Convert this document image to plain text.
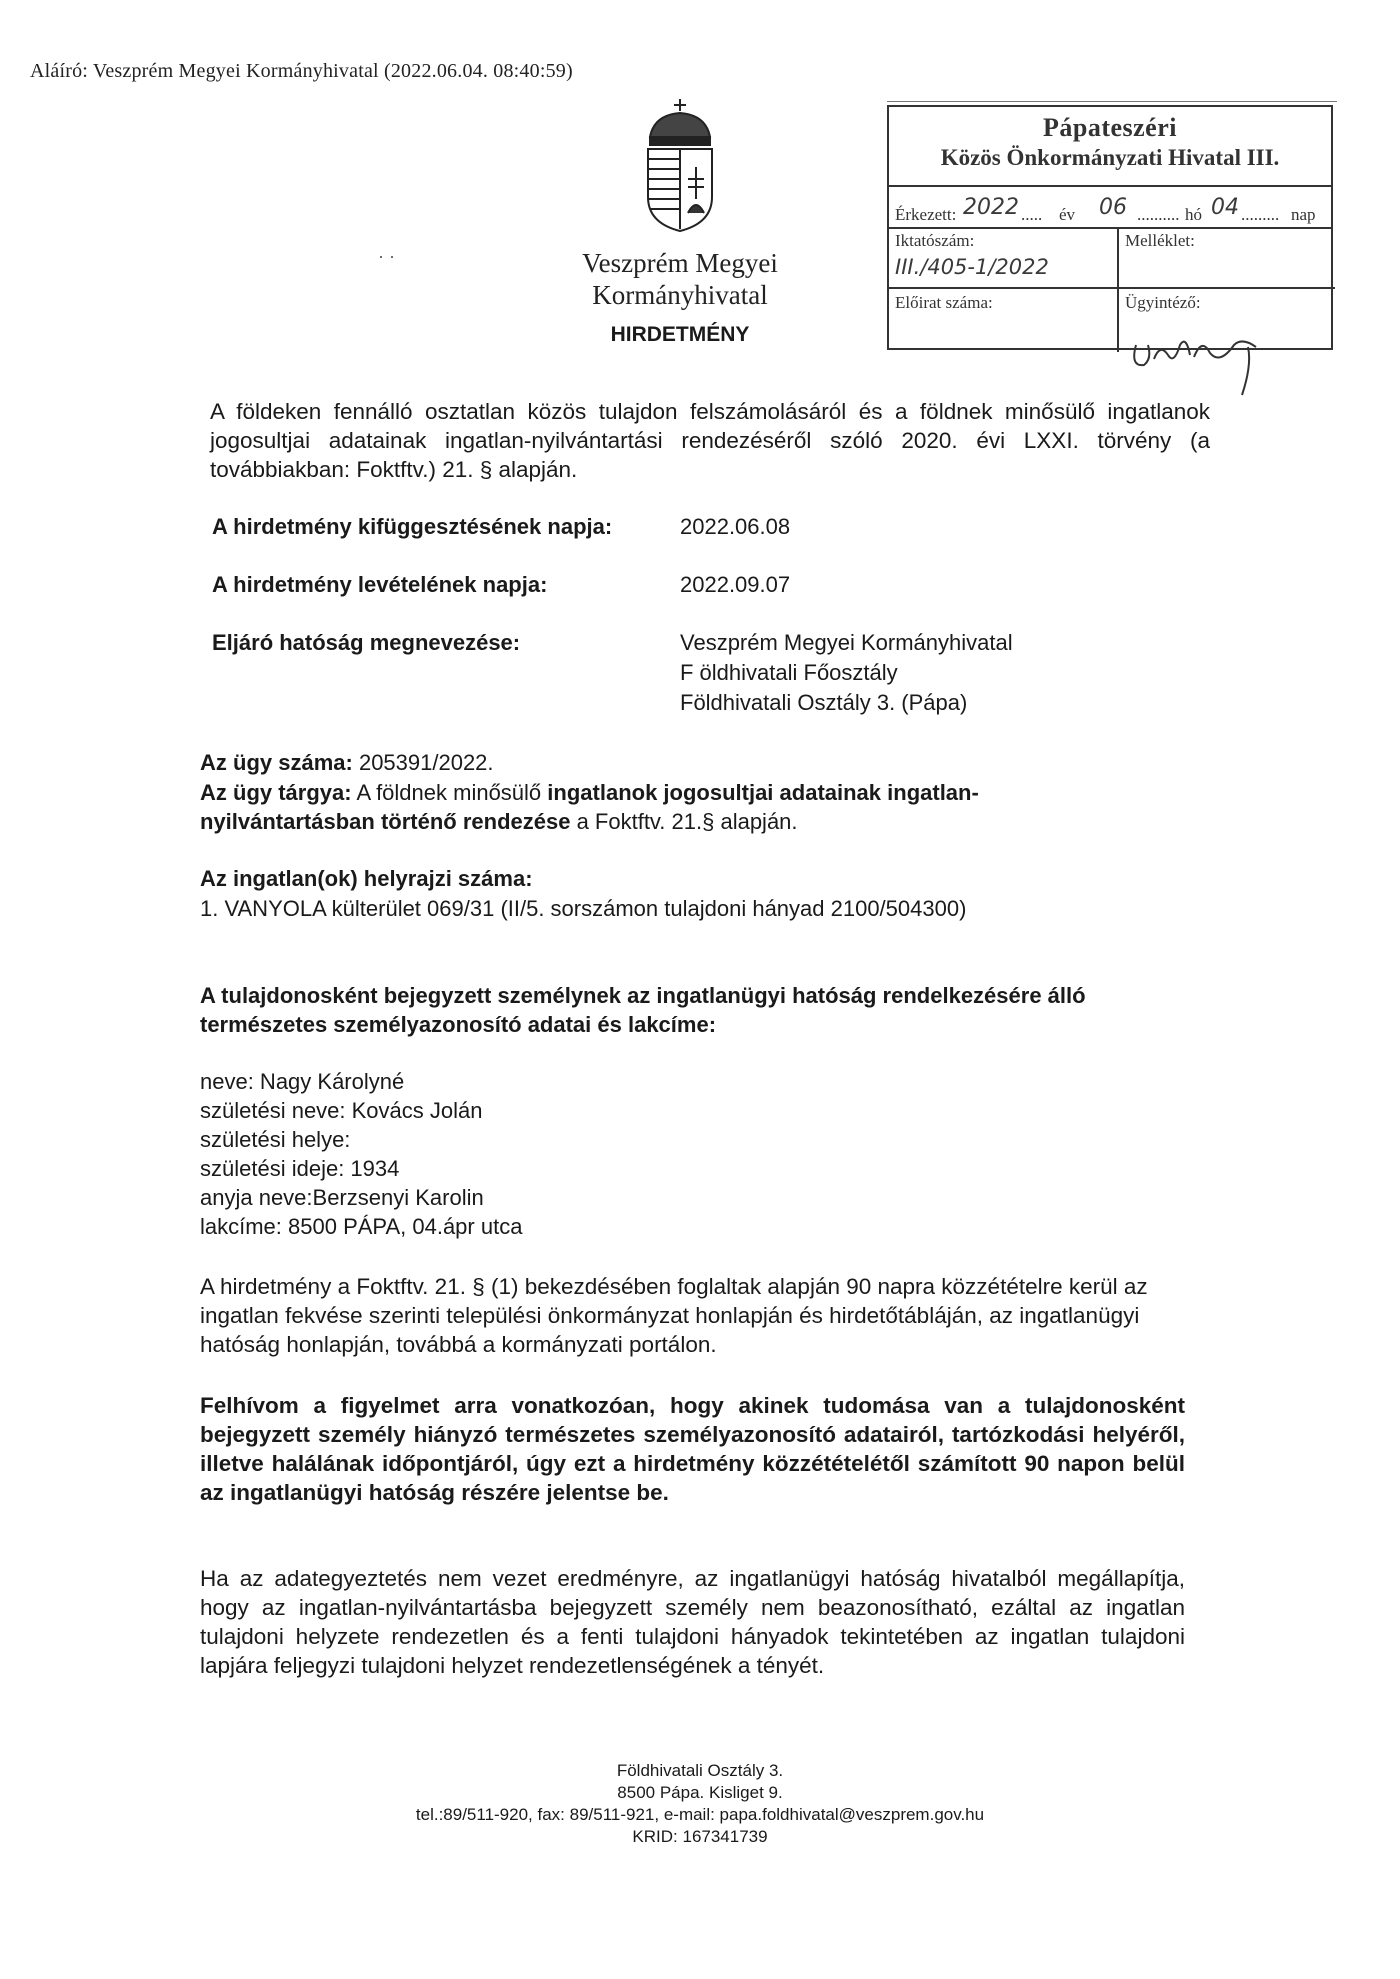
Aláíró: Veszprém Megyei Kormányhivatal (2022.06.04. 08:40:59)
· ·	Veszprém Megyei
Kormányhivatal
HIRDETMÉNY
Pápateszéri
Közös Önkormányzati Hivatal III.
Érkezett: 2022 ..... év 06 .......... hó 04 ......... nap
Iktatószám:
III./405-1/2022
Melléklet:
Előirat száma:	Ügyintéző:
A földeken fennálló osztatlan közös tulajdon felszámolásáról és a földnek minősülő ingatlanok jogosultjai adatainak ingatlan-nyilvántartási rendezéséről szóló 2020. évi LXXI. törvény (a továbbiakban: Foktftv.) 21. § alapján.
A hirdetmény kifüggesztésének napja:	2022.06.08
A hirdetmény levételének napja:	2022.09.07
Eljáró hatóság megnevezése:	Veszprém Megyei Kormányhivatal
F öldhivatali Főosztály
Földhivatali Osztály 3. (Pápa)
Az ügy száma: 205391/2022.
Az ügy tárgya: A földnek minősülő ingatlanok jogosultjai adatainak ingatlan-
nyilvántartásban történő rendezése a Foktftv. 21.§ alapján.
Az ingatlan(ok) helyrajzi száma:
1. VANYOLA külterület 069/31 (II/5. sorszámon tulajdoni hányad 2100/504300)
A tulajdonosként bejegyzett személynek az ingatlanügyi hatóság rendelkezésére álló természetes személyazonosító adatai és lakcíme:
neve: Nagy Károlyné
születési neve: Kovács Jolán
születési helye:
születési ideje: 1934
anyja neve:Berzsenyi Karolin
lakcíme: 8500 PÁPA, 04.ápr utca
A hirdetmény a Foktftv. 21. § (1) bekezdésében foglaltak alapján 90 napra közzétételre kerül az ingatlan fekvése szerinti települési önkormányzat honlapján és hirdetőtábláján, az ingatlanügyi hatóság honlapján, továbbá a kormányzati portálon.
Felhívom a figyelmet arra vonatkozóan, hogy akinek tudomása van a tulajdonosként bejegyzett személy hiányzó természetes személyazonosító adatairól, tartózkodási helyéről, illetve halálának időpontjáról, úgy ezt a hirdetmény közzétételétől számított 90 napon belül az ingatlanügyi hatóság részére jelentse be.
Ha az adategyeztetés nem vezet eredményre, az ingatlanügyi hatóság hivatalból megállapítja, hogy az ingatlan-nyilvántartásba bejegyzett személy nem beazonosítható, ezáltal az ingatlan tulajdoni helyzete rendezetlen és a fenti tulajdoni hányadok tekintetében az ingatlan tulajdoni lapjára feljegyzi tulajdoni helyzet rendezetlenségének a tényét.
Földhivatali Osztály 3.
8500 Pápa. Kisliget 9.
tel.:89/511-920, fax: 89/511-921, e-mail: papa.foldhivatal@veszprem.gov.hu
KRID: 167341739
